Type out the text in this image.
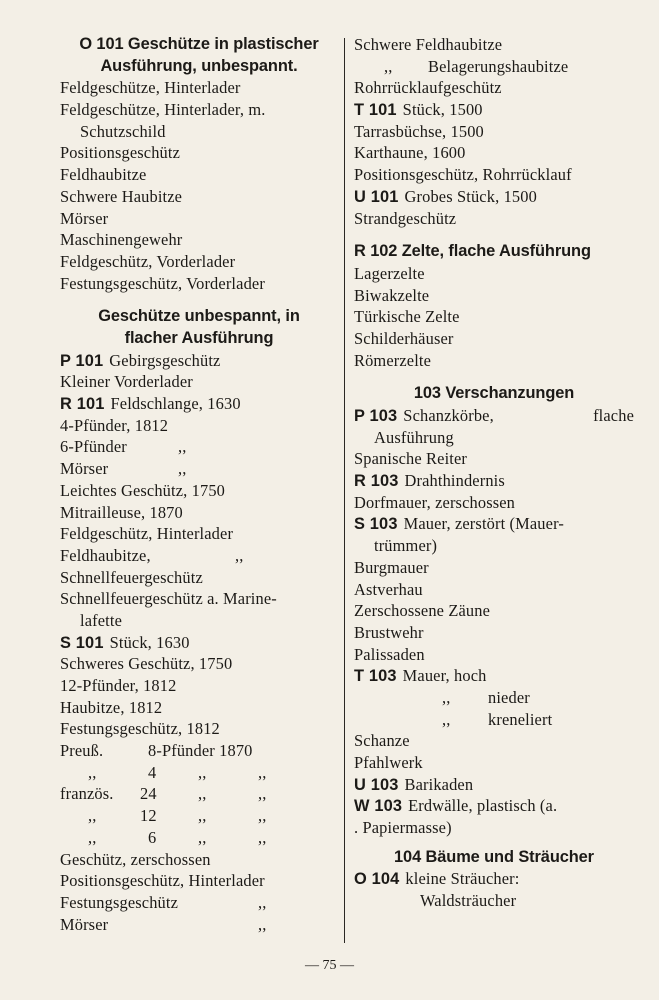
O 101 Geschütze in plastischer
Ausführung, unbespannt.
Feldgeschütze, Hinterlader
Feldgeschütze, Hinterlader, m.
Schutzschild
Positionsgeschütz
Feldhaubitze
Schwere Haubitze
Mörser
Maschinengewehr
Feldgeschütz, Vorderlader
Festungsgeschütz, Vorderlader
Geschütze unbespannt, in
flacher Ausführung
P 101 Gebirgsgeschütz
Kleiner Vorderlader
R 101 Feldschlange, 1630
4-Pfünder, 1812
6-Pfünder	,,
Mörser	,,
Leichtes Geschütz, 1750
Mitrailleuse, 1870
Feldgeschütz, Hinterlader
Feldhaubitze,	,,
Schnellfeuergeschütz
Schnellfeuergeschütz a. Marine-
lafette
S 101 Stück, 1630
Schweres Geschütz, 1750
12-Pfünder, 1812
Haubitze, 1812
Festungsgeschütz, 1812
Preuß.	8-Pfünder 1870
,,	4	,,	,,
französ. 24	,,	,,
,,	12	,,	,,
,,	6	,,	,,
Geschütz, zerschossen
Positionsgeschütz, Hinterlader
Festungsgeschütz	,,
Mörser	,,
Schwere Feldhaubitze
,, Belagerungshaubitze
Rohrrücklaufgeschütz
T 101 Stück, 1500
Tarrasbüchse, 1500
Karthaune, 1600
Positionsgeschütz, Rohrrücklauf
U 101 Grobes Stück, 1500
Strandgeschütz
R 102 Zelte, flache Ausführung
Lagerzelte
Biwakzelte
Türkische Zelte
Schilderhäuser
Römerzelte
103 Verschanzungen
P 103 Schanzkörbe,	flache
Ausführung
Spanische Reiter
R 103 Drahthindernis
Dorfmauer, zerschossen
S 103 Mauer, zerstört (Mauer-
trümmer)
Burgmauer
Astverhau
Zerschossene Zäune
Brustwehr
Palissaden
T 103 Mauer, hoch
,, nieder
,, kreneliert
Schanze
Pfahlwerk
U 103 Barikaden
W 103 Erdwälle, plastisch (a.
. Papiermasse)
104 Bäume und Sträucher
O 104 kleine Sträucher:
Waldsträucher
— 75 —
